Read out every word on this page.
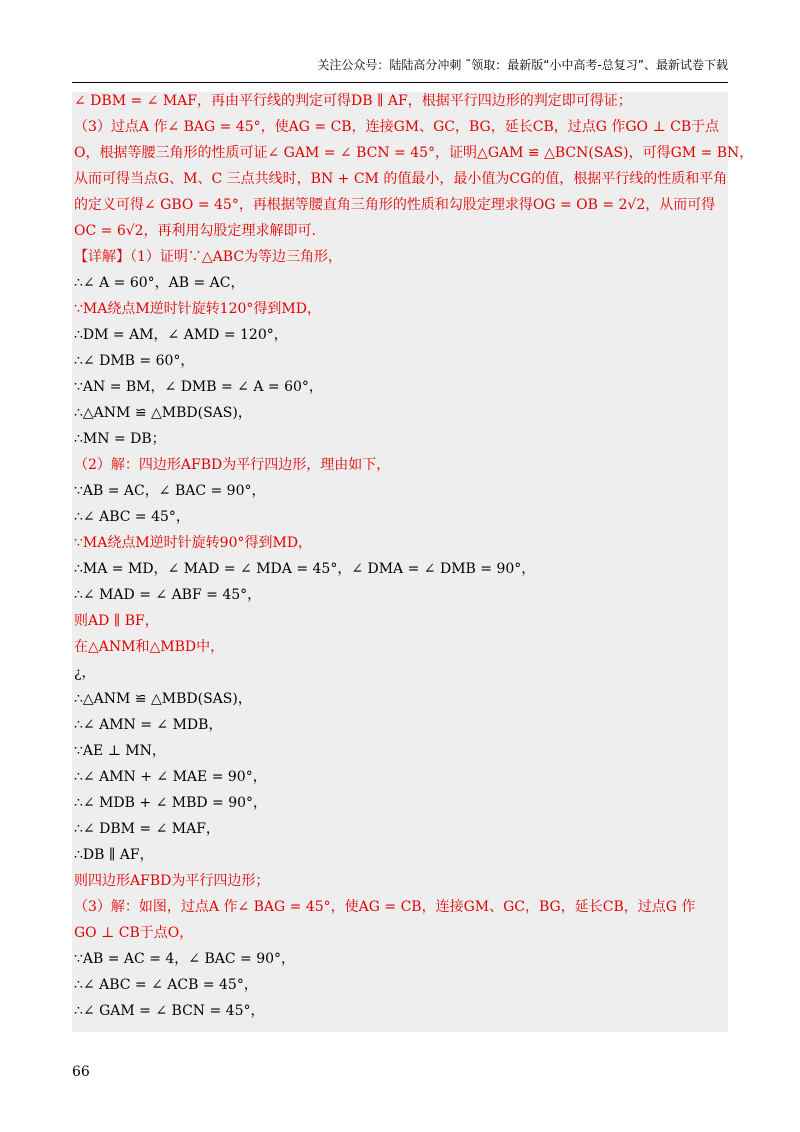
关注公众号：陆陆高分冲刺 ˜领取：最新版“小中高考-总复习”、最新试卷下载
∠ DBM = ∠ MAF，再由平行线的判定可得DB ∥ AF，根据平行四边形的判定即可得证；
（3）过点A 作∠ BAG = 45°，使AG = CB，连接GM、GC，BG，延长CB，过点G 作GO ⊥ CB于点
O，根据等腰三角形的性质可证∠ GAM = ∠ BCN = 45°，证明△GAM ≌ △BCN(SAS)，可得GM = BN，
从而可得当点G、M、C 三点共线时，BN + CM 的值最小，最小值为CG的值，根据平行线的性质和平角
的定义可得∠ GBO = 45°，再根据等腰直角三角形的性质和勾股定理求得OG = OB = 2√2，从而可得
OC = 6√2，再利用勾股定理求解即可.
【详解】（1）证明∵△ABC为等边三角形，
∴∠ A = 60°，AB = AC，
∵MA绕点M逆时针旋转120°得到MD，
∴DM = AM，∠ AMD = 120°，
∴∠ DMB = 60°，
∵AN = BM，∠ DMB = ∠ A = 60°，
∴△ANM ≌ △MBD(SAS)，
∴MN = DB；
（2）解：四边形AFBD为平行四边形，理由如下，
∵AB = AC，∠ BAC = 90°，
∴∠ ABC = 45°，
∵MA绕点M逆时针旋转90°得到MD，
∴MA = MD，∠ MAD = ∠ MDA = 45°，∠ DMA = ∠ DMB = 90°，
∴∠ MAD = ∠ ABF = 45°，
则AD ∥ BF，
在△ANM和△MBD中，
¿，
∴△ANM ≌ △MBD(SAS)，
∴∠ AMN = ∠ MDB，
∵AE ⊥ MN，
∴∠ AMN + ∠ MAE = 90°，
∴∠ MDB + ∠ MBD = 90°，
∴∠ DBM = ∠ MAF，
∴DB ∥ AF，
则四边形AFBD为平行四边形；
（3）解：如图，过点A 作∠ BAG = 45°，使AG = CB，连接GM、GC，BG，延长CB，过点G 作
GO ⊥ CB于点O，
∵AB = AC = 4，∠ BAC = 90°，
∴∠ ABC = ∠ ACB = 45°，
∴∠ GAM = ∠ BCN = 45°，
66
